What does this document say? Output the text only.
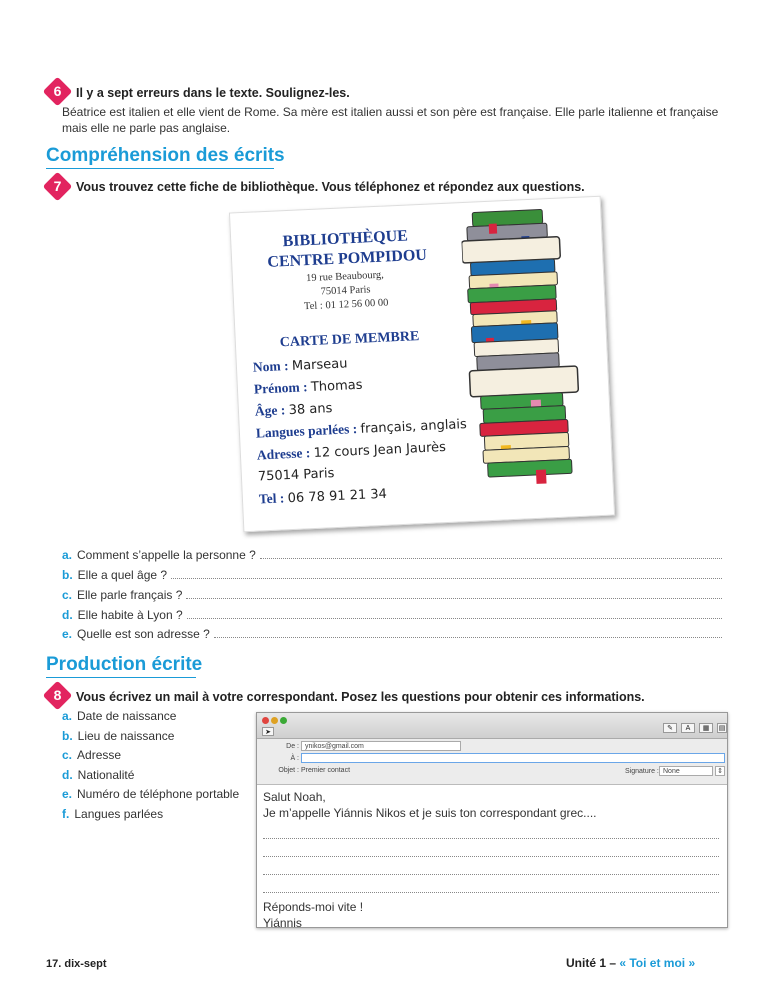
6	Il y a sept erreurs dans le texte. Soulignez-les.
Béatrice est italien et elle vient de Rome. Sa mère est italien aussi et son père est française. Elle parle italienne et française
mais elle ne parle pas anglaise.
Compréhension des écrits
7	Vous trouvez cette fiche de bibliothèque. Vous téléphonez et répondez aux questions.
BIBLIOTHÈQUE
CENTRE POMPIDOU
19 rue Beaubourg,
75014 Paris
Tel : 01 12 56 00 00
CARTE DE MEMBRE
Nom : Marseau
Prénom : Thomas
Âge : 38 ans
Langues parlées : français, anglais
Adresse : 12 cours Jean Jaurès
75014 Paris
Tel : 06 78 91 21 34
a. Comment s’appelle la personne ?
b. Elle a quel âge ?
c. Elle parle français ?
d. Elle habite à Lyon ?
e. Quelle est son adresse ?
Production écrite
8	Vous écrivez un mail à votre correspondant. Posez les questions pour obtenir ces informations.
a. Date de naissance
b. Lieu de naissance
c. Adresse
d. Nationalité
e. Numéro de téléphone portable
f. Langues parlées
➤
✎	A	▦	▤
De : ynikos@gmail.com
À :
Objet : Premier contact	Signature : None	⇕
Salut Noah,
Je m’appelle Yiánnis Nikos et je suis ton correspondant grec....
Réponds-moi vite !
Yiánnis
17. dix-sept	Unité 1 – « Toi et moi »
